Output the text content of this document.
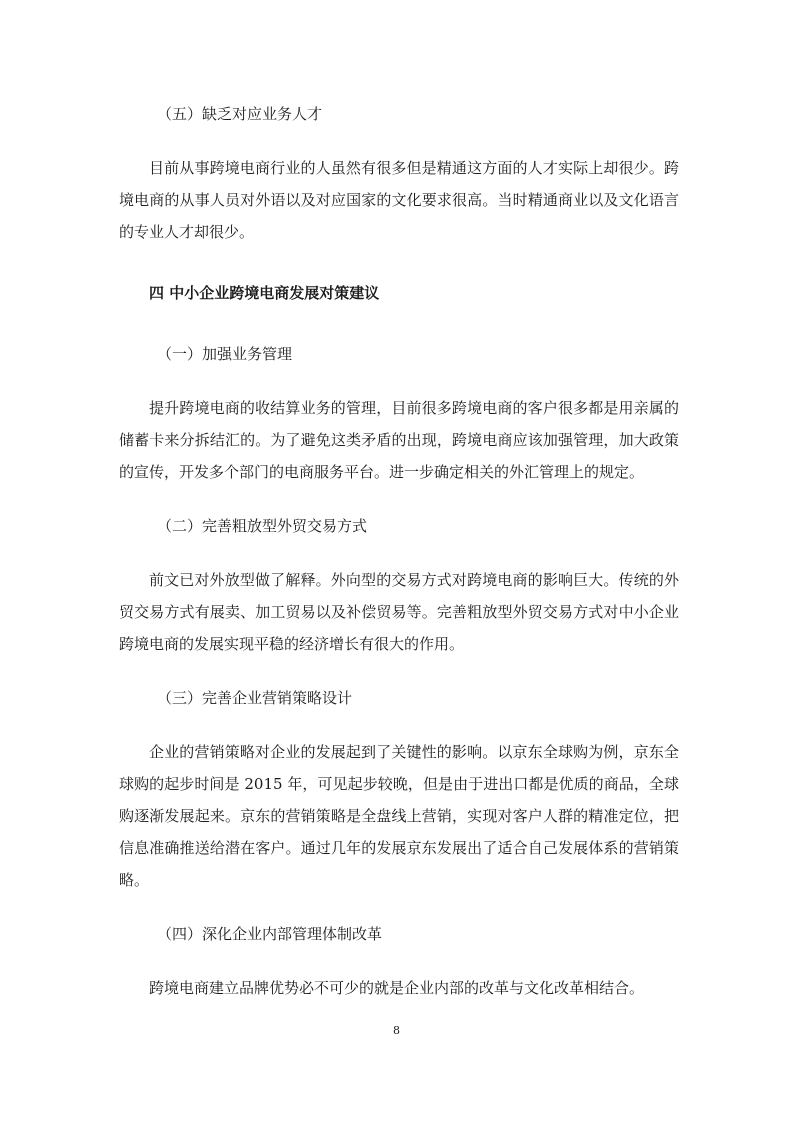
（五）缺乏对应业务人才

目前从事跨境电商行业的人虽然有很多但是精通这方面的人才实际上却很少。跨境电商的从事人员对外语以及对应国家的文化要求很高。当时精通商业以及文化语言的专业人才却很少。

四 中小企业跨境电商发展对策建议

（一）加强业务管理

提升跨境电商的收结算业务的管理，目前很多跨境电商的客户很多都是用亲属的储蓄卡来分拆结汇的。为了避免这类矛盾的出现，跨境电商应该加强管理，加大政策的宣传，开发多个部门的电商服务平台。进一步确定相关的外汇管理上的规定。

（二）完善粗放型外贸交易方式

前文已对外放型做了解释。外向型的交易方式对跨境电商的影响巨大。传统的外贸交易方式有展卖、加工贸易以及补偿贸易等。完善粗放型外贸交易方式对中小企业跨境电商的发展实现平稳的经济增长有很大的作用。

（三）完善企业营销策略设计

企业的营销策略对企业的发展起到了关键性的影响。以京东全球购为例，京东全球购的起步时间是 2015 年，可见起步较晚，但是由于进出口都是优质的商品，全球购逐渐发展起来。京东的营销策略是全盘线上营销，实现对客户人群的精准定位，把信息准确推送给潜在客户。通过几年的发展京东发展出了适合自己发展体系的营销策略。

（四）深化企业内部管理体制改革

跨境电商建立品牌优势必不可少的就是企业内部的改革与文化改革相结合。

8
